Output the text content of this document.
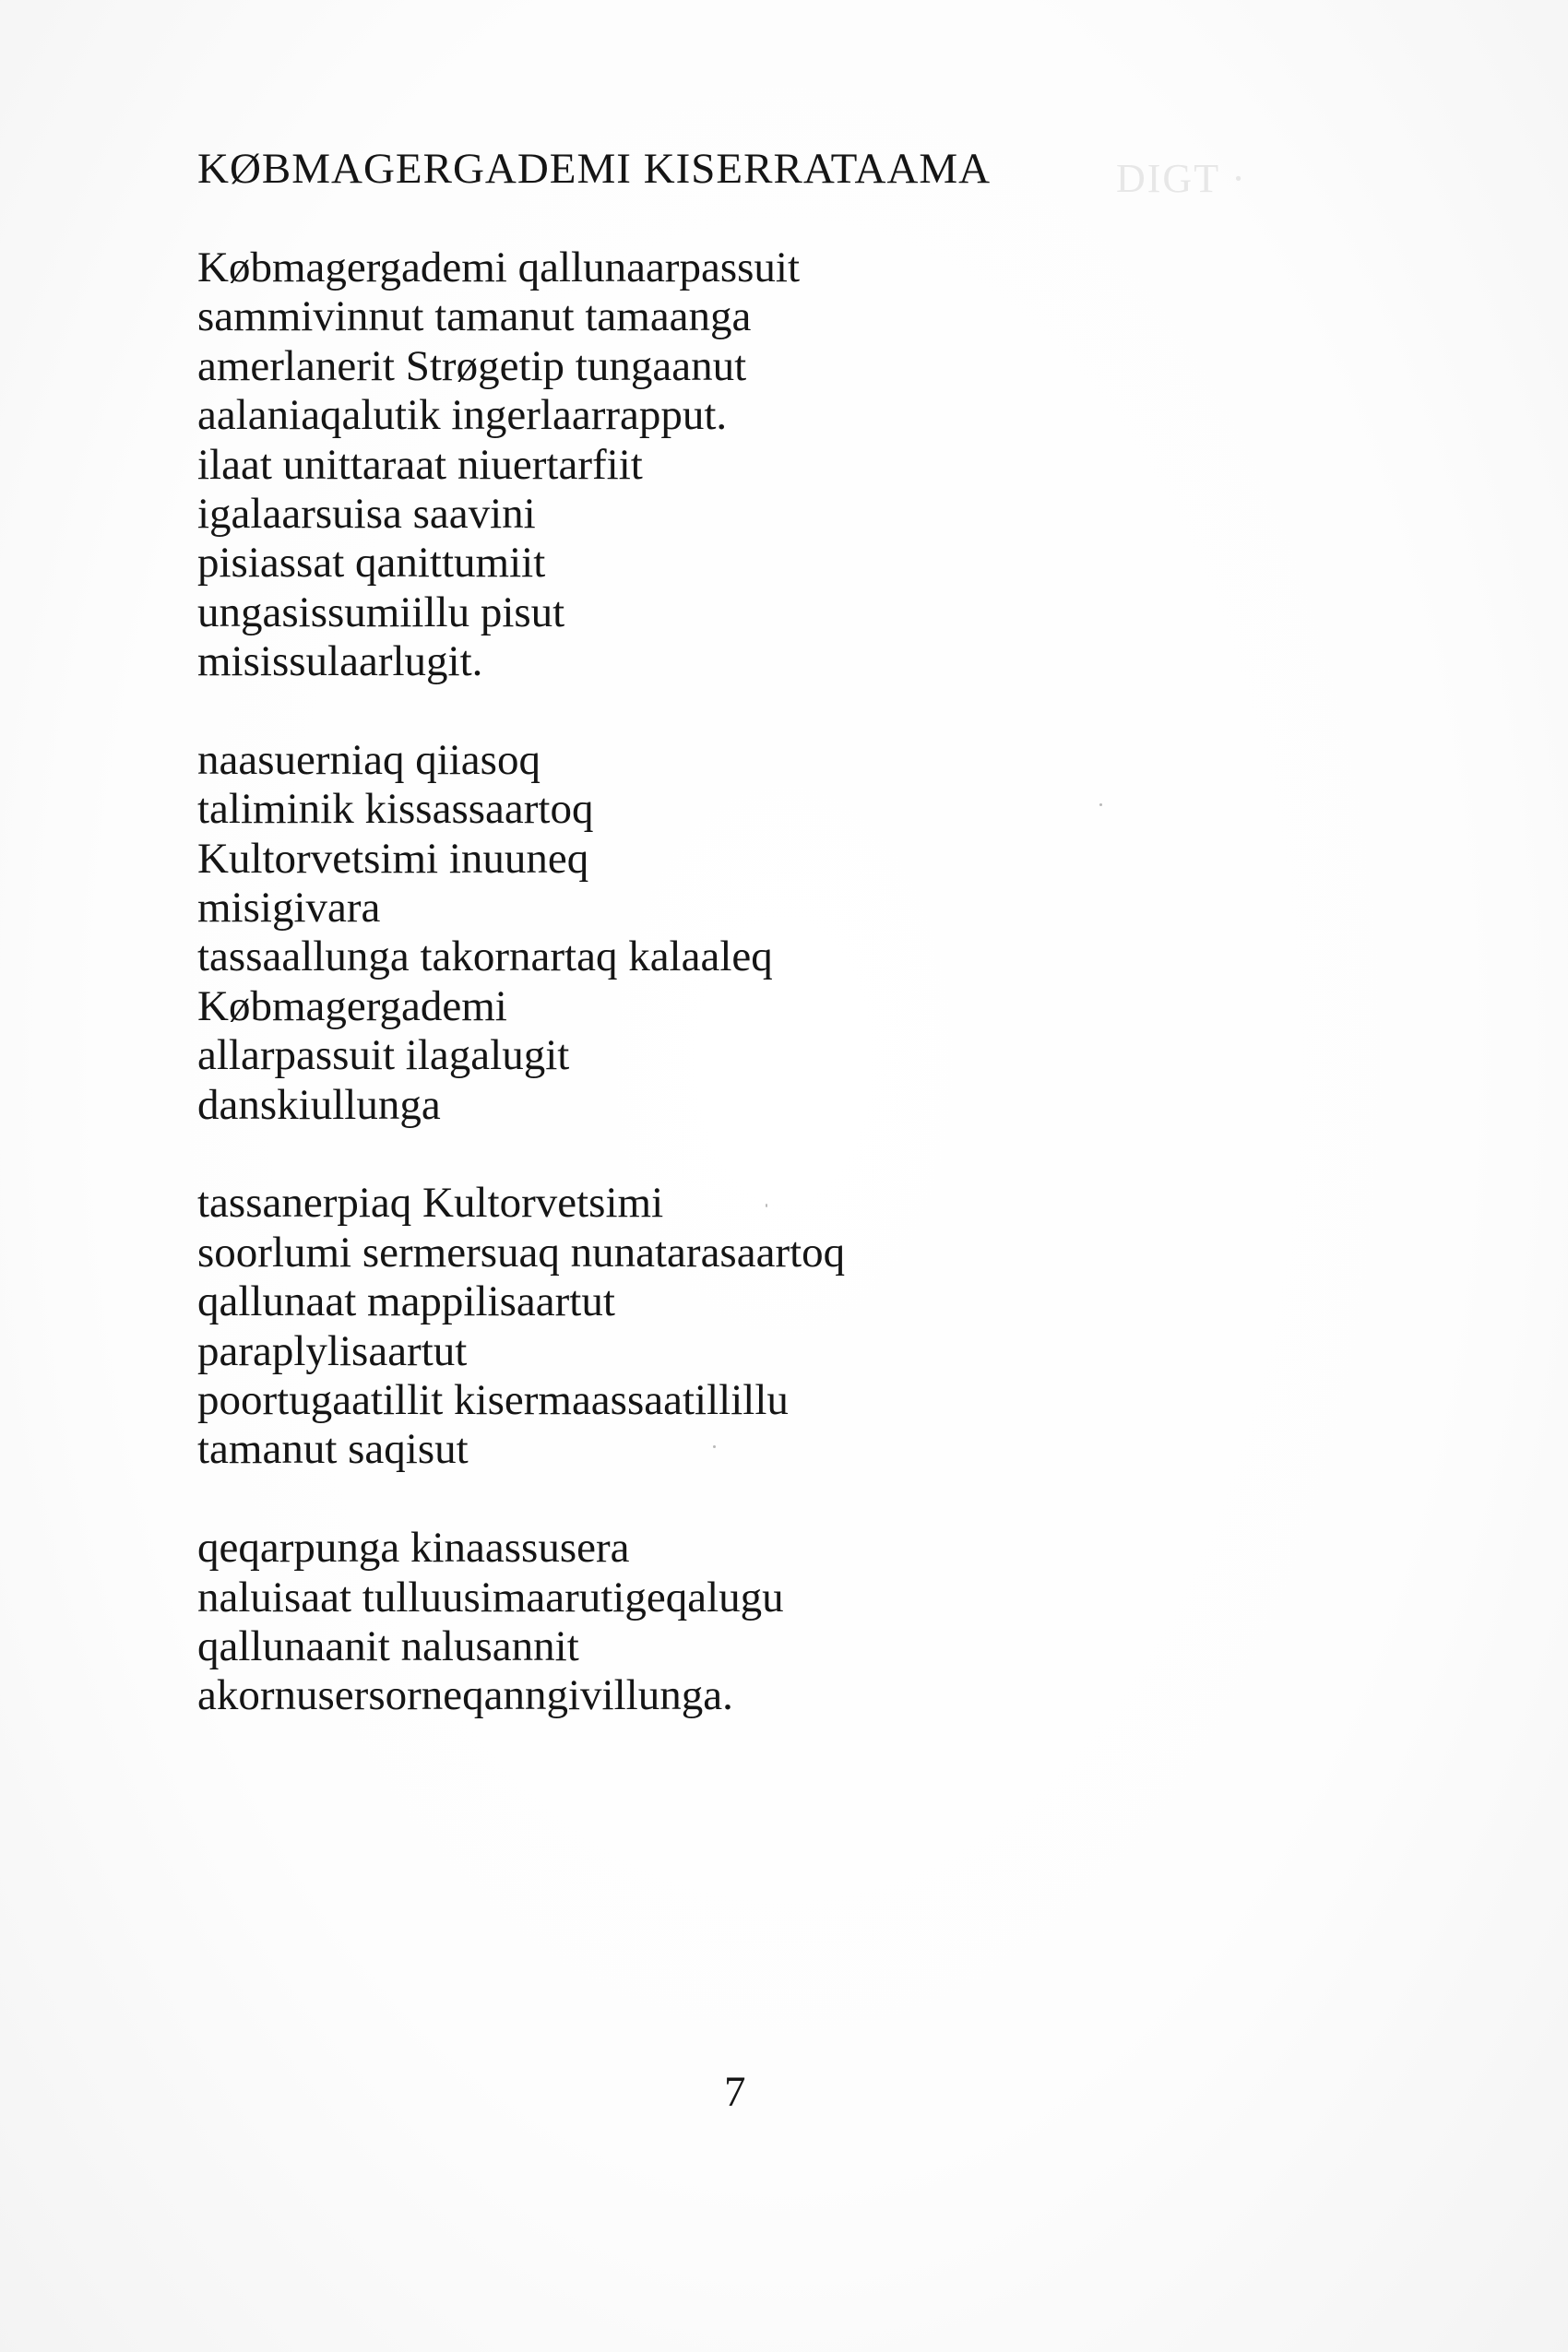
DIGT ·
KØBMAGERGADEMI KISERRATAAMA
Købmagergademi qallunaarpassuit
sammivinnut tamanut tamaanga
amerlanerit Strøgetip tungaanut
aalaniaqalutik ingerlaarrapput.
ilaat unittaraat niuertarfiit
igalaarsuisa saavini
pisiassat qanittumiit
ungasissumiillu pisut
misissulaarlugit.
naasuerniaq qiiasoq
taliminik kissassaartoq
Kultorvetsimi inuuneq
misigivara
tassaallunga takornartaq kalaaleq
Købmagergademi
allarpassuit ilagalugit
danskiullunga
tassanerpiaq Kultorvetsimi
soorlumi sermersuaq nunatarasaartoq
qallunaat mappilisaartut
paraplylisaartut
poortugaatillit kisermaassaatillillu
tamanut saqisut
qeqarpunga kinaassusera
naluisaat tulluusimaarutigeqalugu
qallunaanit nalusannit
akornusersorneqanngivillunga.
7
